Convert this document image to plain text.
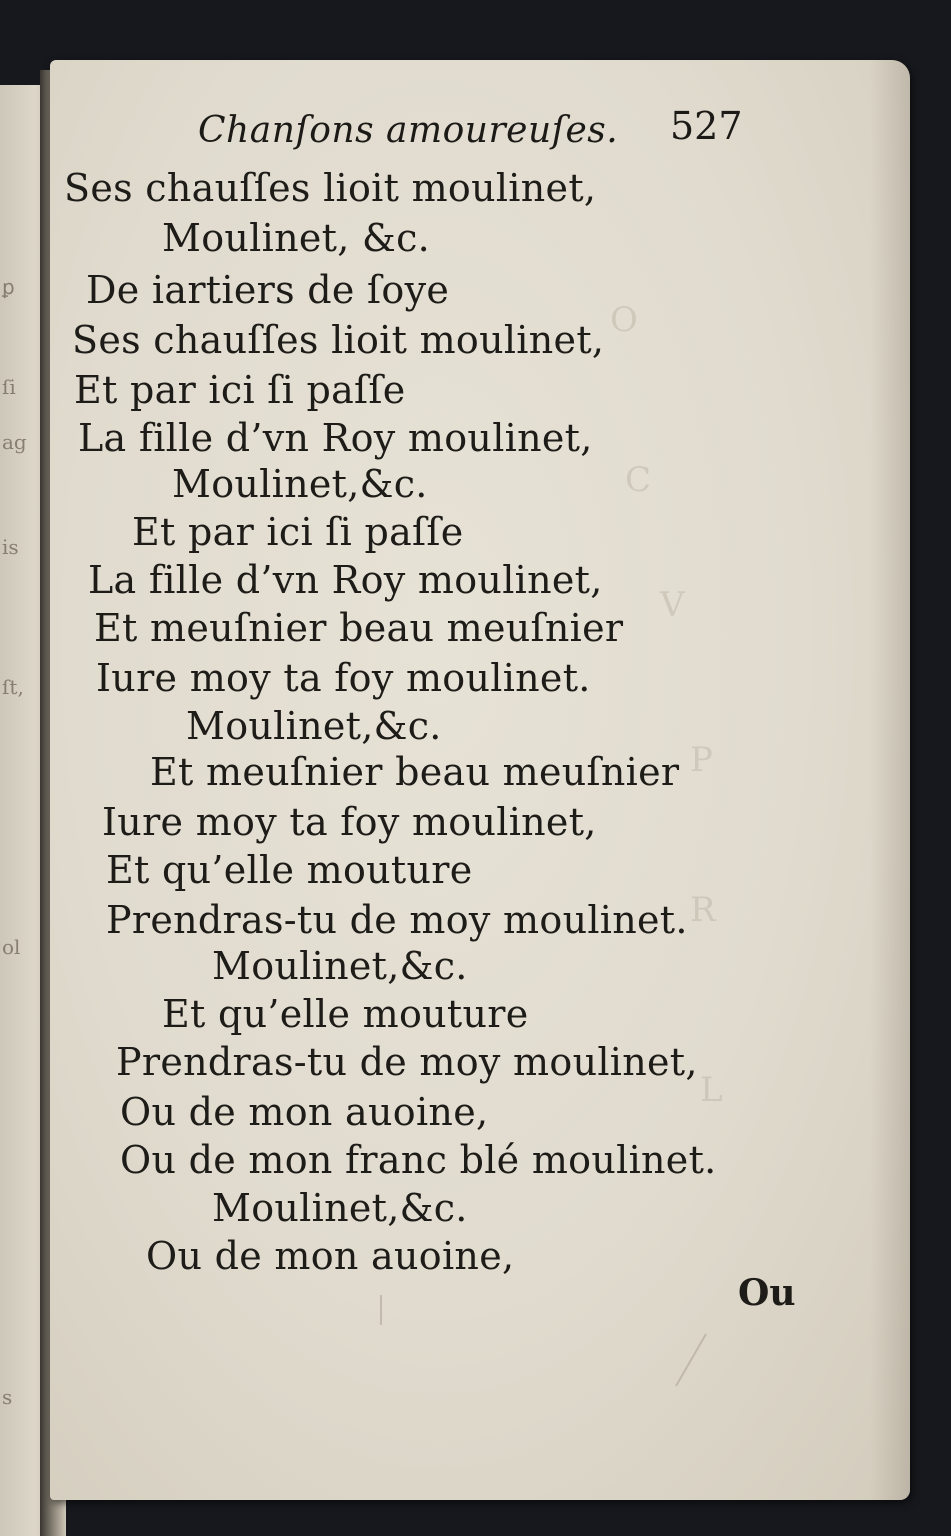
ꝑ
ſi
ag
is
ſt,
ol
s
O
C
V
P
R
L
Chanſons amoureuſes. 527
Ses chauſſes lioit moulinet,
Moulinet, &c.
De iartiers de ſoye
Ses chauſſes lioit moulinet,
Et par ici ſi paſſe
La fille d’vn Roy moulinet,
Moulinet,&c.
Et par ici ſi paſſe
La fille d’vn Roy moulinet,
Et meuſnier beau meuſnier
Iure moy ta foy moulinet.
Moulinet,&c.
Et meuſnier beau meuſnier
Iure moy ta foy moulinet,
Et qu’elle mouture
Prendras-tu de moy moulinet.
Moulinet,&c.
Et qu’elle mouture
Prendras-tu de moy moulinet,
Ou de mon auoine,
Ou de mon franc blé moulinet.
Moulinet,&c.
Ou de mon auoine,
Ou
